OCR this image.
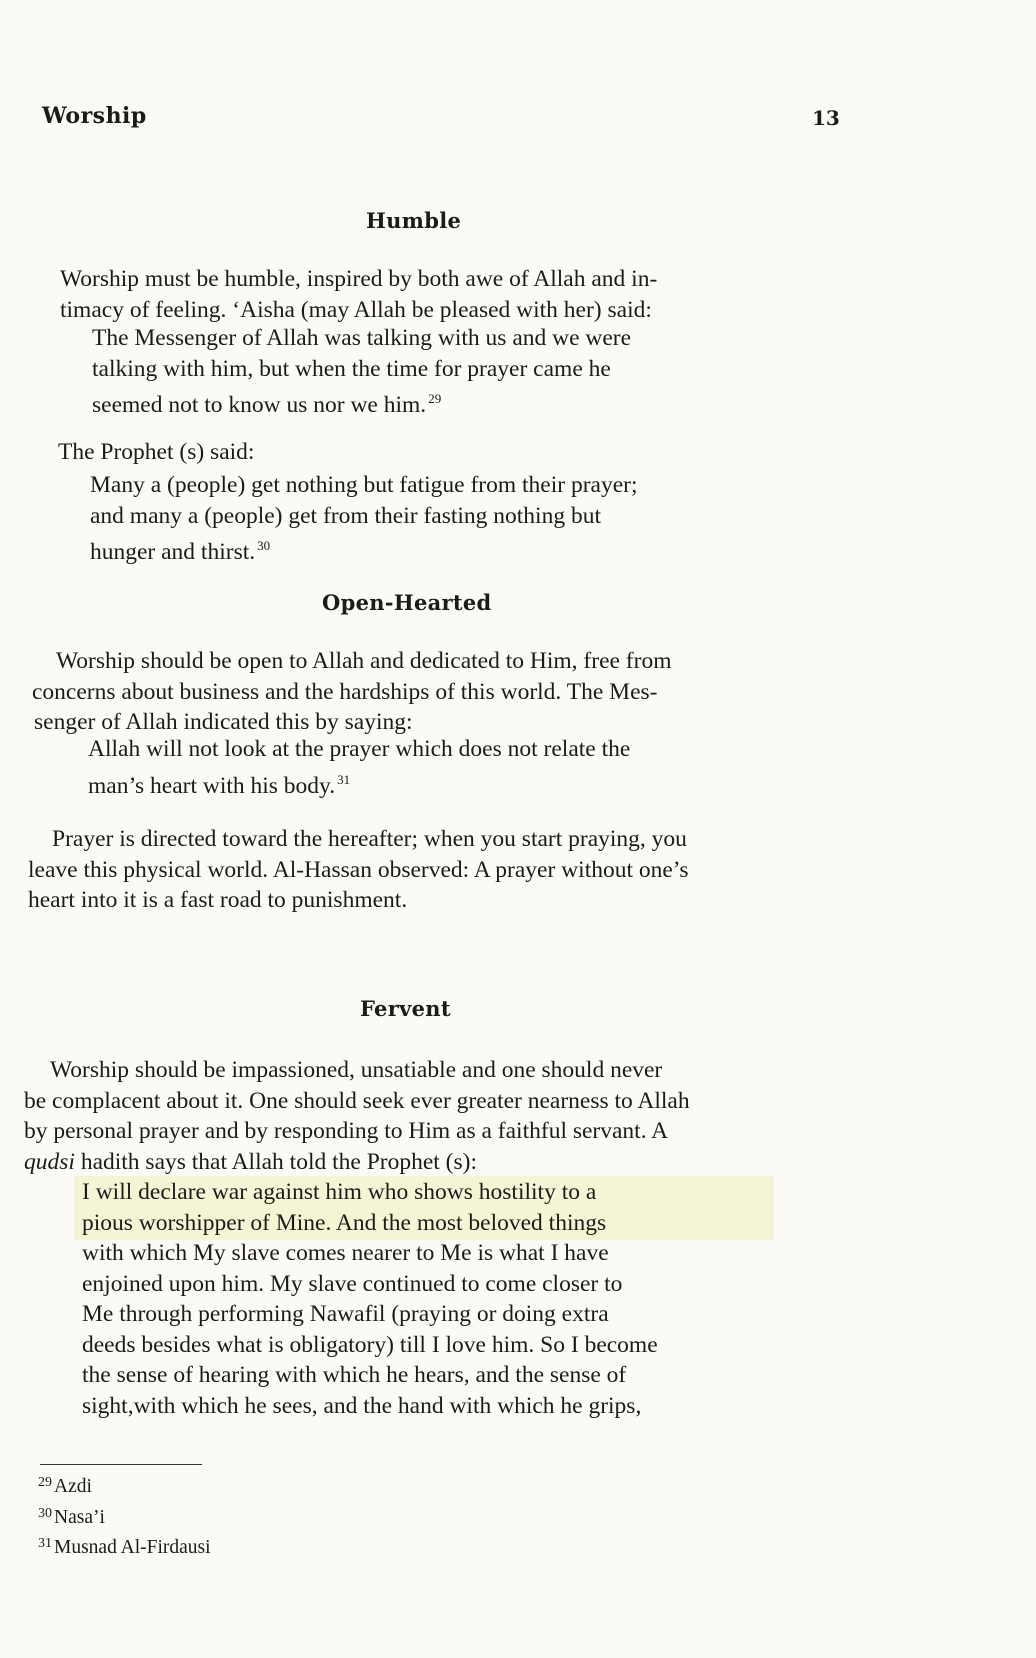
Worship	13
Humble
Worship must be humble, inspired by both awe of Allah and in-
timacy of feeling. ‘Aisha (may Allah be pleased with her) said:
The Messenger of Allah was talking with us and we were
talking with him, but when the time for prayer came he
seemed not to know us nor we him. $^{29}$
The Prophet (s) said:
Many a (people) get nothing but fatigue from their prayer;
and many a (people) get from their fasting nothing but
hunger and thirst. $^{30}$
Open-Hearted
Worship should be open to Allah and dedicated to Him, free from
concerns about business and the hardships of this world. The Mes-
senger of Allah indicated this by saying:
Allah will not look at the prayer which does not relate the
man’s heart with his body. $^{31}$
Prayer is directed toward the hereafter; when you start praying, you
leave this physical world. Al-Hassan observed: A prayer without one’s
heart into it is a fast road to punishment.
Fervent
Worship should be impassioned, unsatiable and one should never
be complacent about it. One should seek ever greater nearness to Allah
by personal prayer and by responding to Him as a faithful servant. A
qudsi hadith says that Allah told the Prophet (s):
I will declare war against him who shows hostility to a
pious worshipper of Mine. And the most beloved things
with which My slave comes nearer to Me is what I have
enjoined upon him. My slave continued to come closer to
Me through performing Nawafil (praying or doing extra
deeds besides what is obligatory) till I love him. So I become
the sense of hearing with which he hears, and the sense of
sight,with which he sees, and the hand with which he grips,
$^{29}$ Azdi
$^{30}$ Nasa’i
$^{31}$ Musnad Al-Firdausi
